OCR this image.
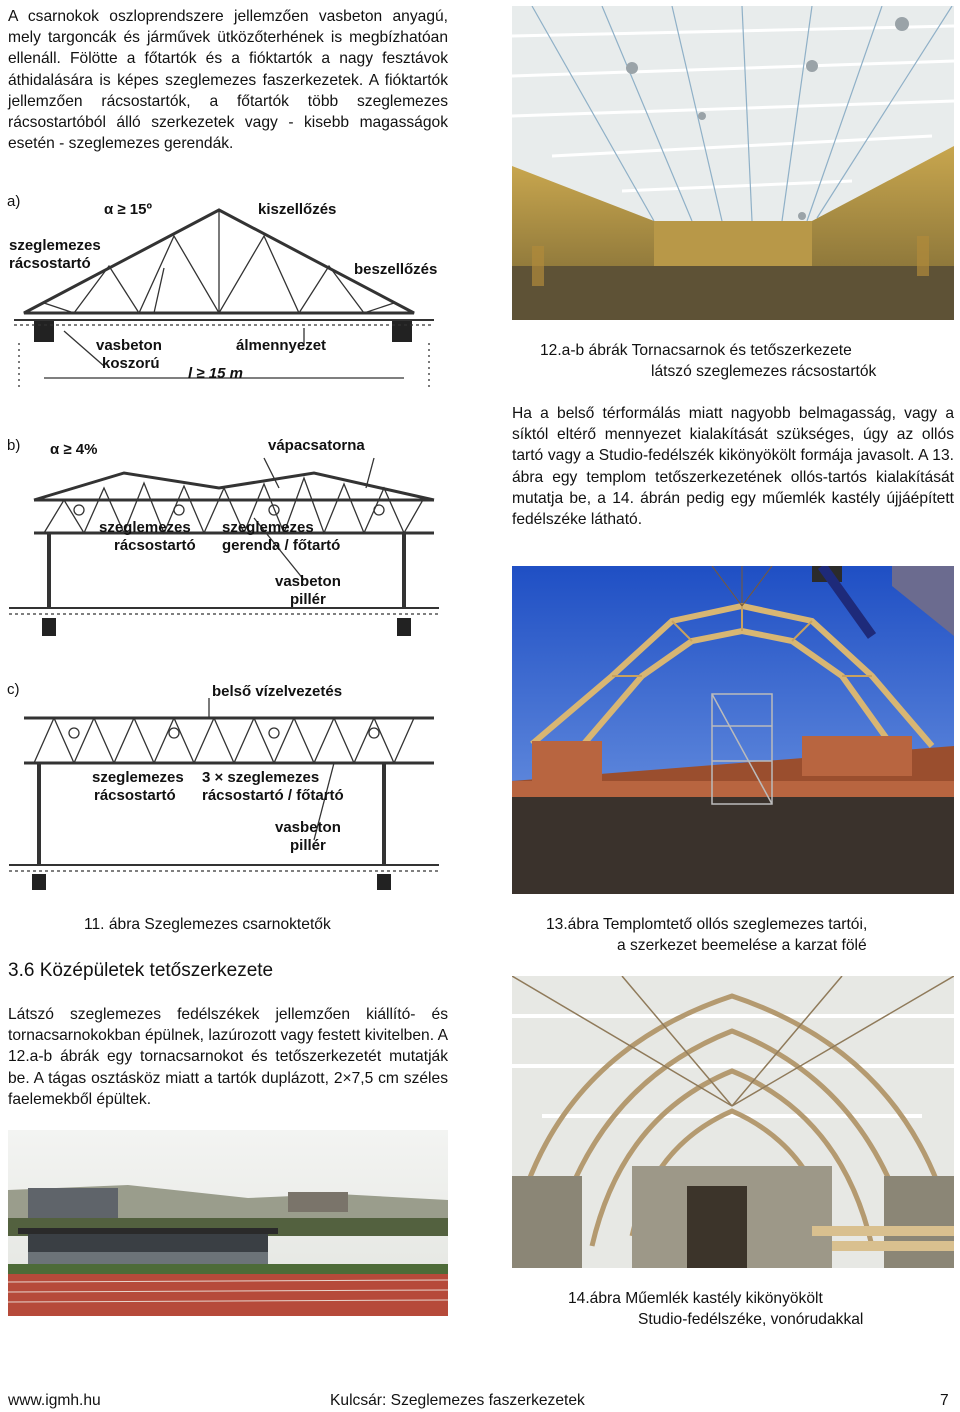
A csarnokok oszloprendszere jellemzően vasbeton anyagú, mely targoncák és járművek ütközőterhének is megbízhatóan ellenáll. Fölötte a főtartók és a fióktartók a nagy fesztávok áthidalására is képes szeglemezes faszerkezetek. A fióktartók jellemzően rácsostartók, a főtartók több szeglemezes rácsostartóból álló szerkezetek vagy - kisebb magasságok esetén - szeglemezes gerendák.
a)	α ≥ 15º	kiszellőzés
szeglemezes
rácsostartó	beszellőzés
vasbeton
koszorú
álmennyezet
l ≥ 15 m
b) α ≥ 4%	vápacsatorna
szeglemezes
rácsostartó
szeglemezes
gerenda / főtartó
vasbeton
pillér
c)	belső vízelvezetés
szeglemezes
rácsostartó
3 × szeglemezes
rácsostartó / főtartó
vasbeton
pillér
11. ábra Szeglemezes csarnoktetők
3.6 Középületek tetőszerkezete
Látszó szeglemezes fedélszékek jellemzően kiállító- és tornacsarnokokban épülnek, lazúrozott vagy festett kivitelben. A 12.a-b ábrák egy tornacsarnokot és tetőszerkezetét mutatják be. A tágas osztásköz miatt a tartók duplázott, 2×7,5 cm széles faelemekből épültek.
12.a-b ábrák Tornacsarnok és tetőszerkezete
látszó szeglemezes rácsostartók
Ha a belső térformálás miatt nagyobb belmagasság, vagy a síktól eltérő mennyezet kialakítását szükséges, úgy az ollós tartó vagy a Studio-fedélszék kikönyökölt formája javasolt. A 13. ábra egy templom tetőszerkezetének ollós-tartós kialakítását mutatja be, a 14. ábrán pedig egy műemlék kastély újjáépített fedélszéke látható.
13.ábra Templomtető ollós szeglemezes tartói,
a szerkezet beemelése a karzat fölé
14.ábra Műemlék kastély kikönyökölt
Studio-fedélszéke, vonórudakkal
www.igmh.hu	Kulcsár: Szeglemezes faszerkezetek	7
